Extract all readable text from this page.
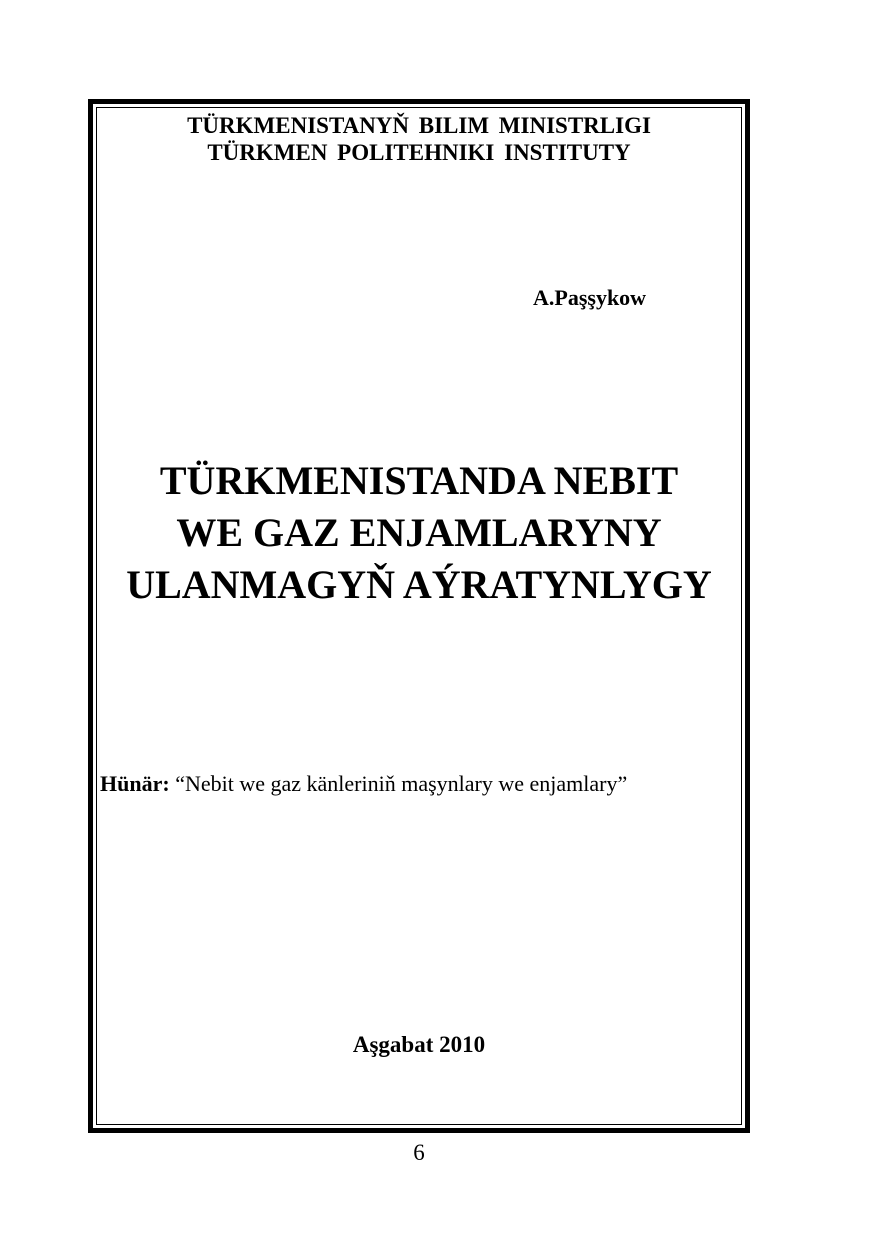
TÜRKMENISTANYŇ BILIM MINISTRLIGI
TÜRKMEN POLITEHNIKI INSTITUTY
A.Paşşykow
TÜRKMENISTANDA NEBIT
WE GAZ ENJAMLARYNY
ULANMAGYŇ AÝRATYNLYGY
Hünär: “Nebit we gaz känleriniň maşynlary we enjamlary”
Aşgabat 2010
6
